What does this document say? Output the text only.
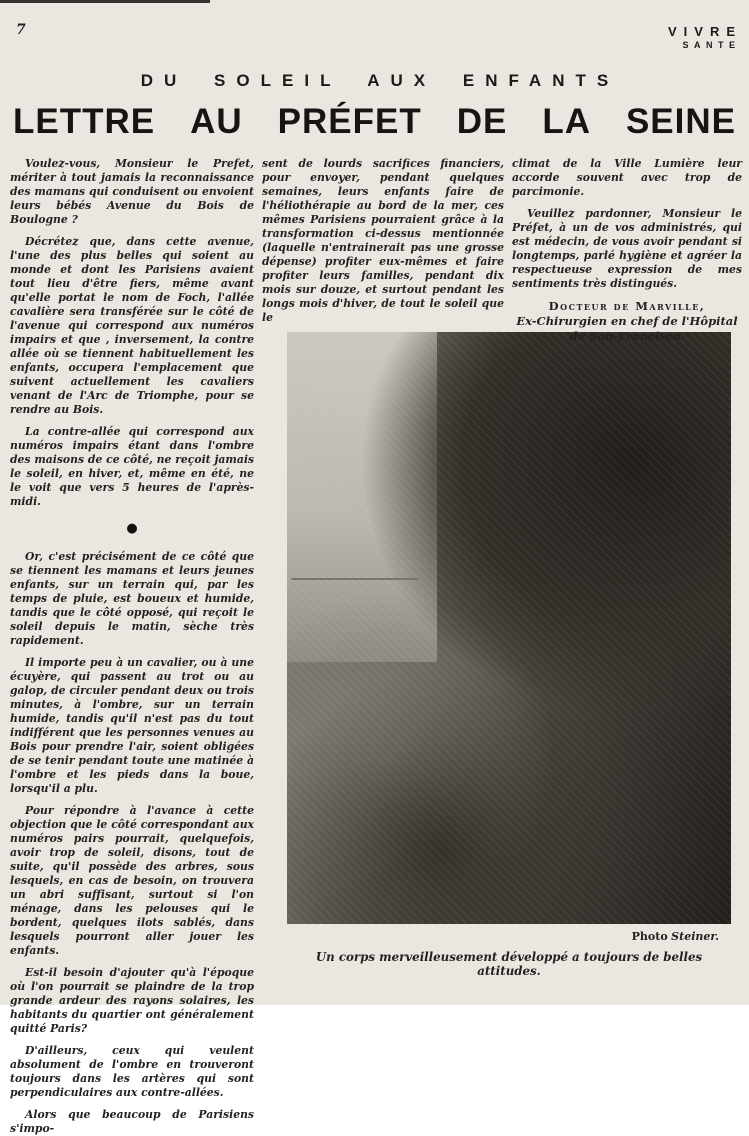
7	VIVRE
SANTE
DU SOLEIL AUX ENFANTS
LETTRE AU PRÉFET DE LA SEINE

Voulez-vous, Monsieur le Prefet, mériter à tout jamais la reconnaissance des mamans qui conduisent ou envoient leurs bébés Avenue du Bois de Boulogne ?

Décrétez que, dans cette avenue, l'une des plus belles qui soient au monde et dont les Parisiens avaient tout lieu d'être fiers, même avant qu'elle portat le nom de Foch, l'allée cavalière sera transférée sur le côté de l'avenue qui correspond aux numéros impairs et que , inversement, la contre allée où se tiennent habituellement les enfants, occupera l'emplacement que suivent actuellement les cavaliers venant de l'Arc de Triomphe, pour se rendre au Bois.

La contre-allée qui correspond aux numéros impairs étant dans l'ombre des maisons de ce côté, ne reçoit jamais le soleil, en hiver, et, même en été, ne le voit que vers 5 heures de l'après-midi.

●

Or, c'est précisément de ce côté que se tiennent les mamans et leurs jeunes enfants, sur un terrain qui, par les temps de pluie, est boueux et humide, tandis que le côté opposé, qui reçoit le soleil depuis le matin, sèche très rapidement.

Il importe peu à un cavalier, ou à une écuyère, qui passent au trot ou au galop, de circuler pendant deux ou trois minutes, à l'ombre, sur un terrain humide, tandis qu'il n'est pas du tout indifférent que les personnes venues au Bois pour prendre l'air, soient obligées de se tenir pendant toute une matinée à l'ombre et les pieds dans la boue, lorsqu'il a plu.

Pour répondre à l'avance à cette objection que le côté correspondant aux numéros pairs pourrait, quelquefois, avoir trop de soleil, disons, tout de suite, qu'il possède des arbres, sous lesquels, en cas de besoin, on trouvera un abri suffisant, surtout si l'on ménage, dans les pelouses qui le bordent, quelques ilots sablés, dans lesquels pourront aller jouer les enfants.

Est-il besoin d'ajouter qu'à l'époque où l'on pourrait se plaindre de la trop grande ardeur des rayons solaires, les habitants du quartier ont généralement quitté Paris?

D'ailleurs, ceux qui veulent absolument de l'ombre en trouveront toujours dans les artères qui sont perpendiculaires aux contre-allées.

Alors que beaucoup de Parisiens s'impo-

sent de lourds sacrifices financiers, pour envoyer, pendant quelques semaines, leurs enfants faire de l'héliothérapie au bord de la mer, ces mêmes Parisiens pourraient grâce à la transformation ci-dessus mentionnée (laquelle n'entrainerait pas une grosse dépense) profiter eux-mêmes et faire profiter leurs familles, pendant dix mois sur douze, et surtout pendant les longs mois d'hiver, de tout le soleil que le

climat de la Ville Lumière leur accorde souvent avec trop de parcimonie.

Veuillez pardonner, Monsieur le Préfet, à un de vos administrés, qui est médecin, de vous avoir pendant si longtemps, parlé hygiène et agréer la respectueuse expression de mes sentiments très distingués.

Docteur de Marville,
Ex-Chirurgien en chef de l'Hôpital
de San-Francisco.
Photo Steiner.
Un corps merveilleusement développé a toujours de belles attitudes.
